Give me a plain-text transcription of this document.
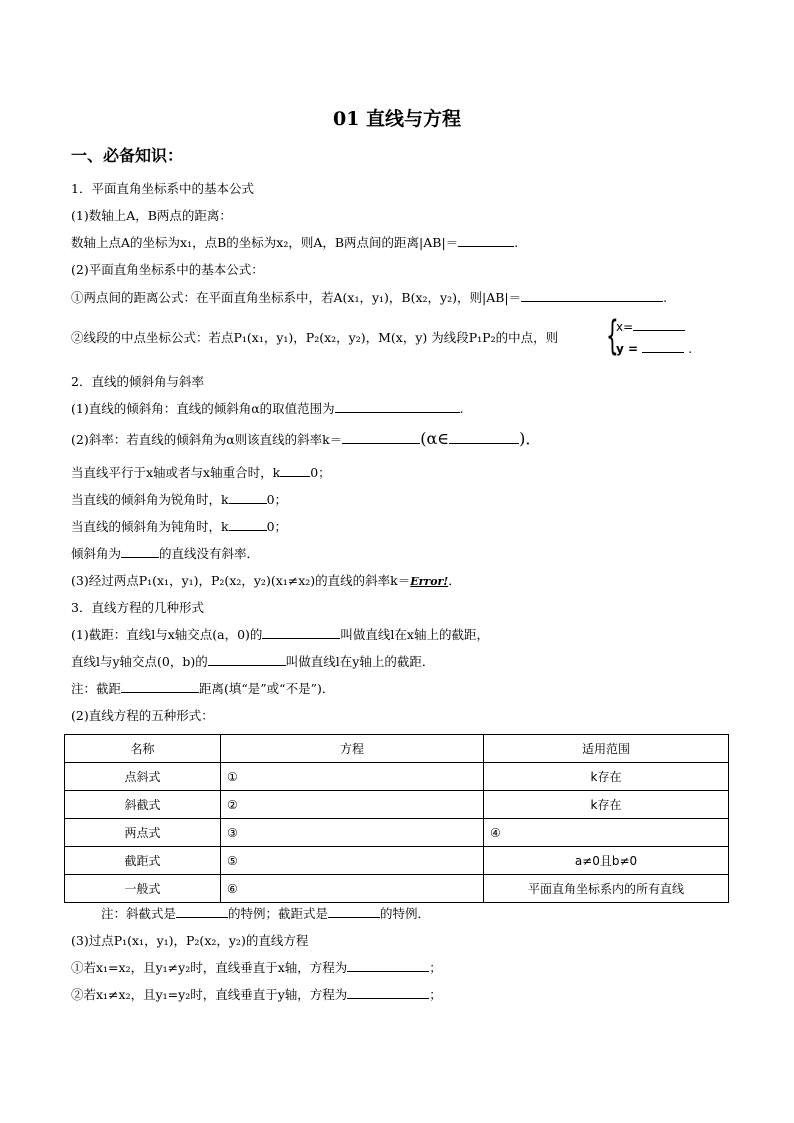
01 直线与方程
一、必备知识：
1．平面直角坐标系中的基本公式
(1)数轴上A，B两点的距离：
数轴上点A的坐标为x₁，点B的坐标为x₂，则A，B两点间的距离|AB|＝	.
(2)平面直角坐标系中的基本公式：
①两点间的距离公式：在平面直角坐标系中，若A(x₁，y₁)，B(x₂，y₂)，则|AB|＝	.
②线段的中点坐标公式：若点P₁(x₁，y₁)，P₂(x₂，y₂)，M(x，y) 为线段P₁P₂的中点，则 {
x=
y =	.
2．直线的倾斜角与斜率
(1)直线的倾斜角：直线的倾斜角α的取值范围为	.
(2)斜率：若直线的倾斜角为α则该直线的斜率k＝	(α∈	)．
当直线平行于x轴或者与x轴重合时，k 0；
当直线的倾斜角为锐角时，k	0；
当直线的倾斜角为钝角时，k	0；
倾斜角为	的直线没有斜率．
(3)经过两点P₁(x₁，y₁)，P₂(x₂，y₂)(x₁≠x₂)的直线的斜率k＝Error!．
3．直线方程的几种形式
(1)截距：直线l与x轴交点(a，0)的	叫做直线l在x轴上的截距，
直线l与y轴交点(0，b)的	叫做直线l在y轴上的截距．
注：截距	距离(填“是”或“不是”)．
(2)直线方程的五种形式：
名称	方程	适用范围
点斜式	①	k存在
斜截式	②	k存在
两点式	③	④
截距式	⑤	a≠0且b≠0
一般式	⑥	平面直角坐标系内的所有直线
注：斜截式是	的特例；截距式是	的特例．
(3)过点P₁(x₁，y₁)，P₂(x₂，y₂)的直线方程
①若x₁=x₂，且y₁≠y₂时，直线垂直于x轴，方程为	；
②若x₁≠x₂，且y₁=y₂时，直线垂直于y轴，方程为	；
